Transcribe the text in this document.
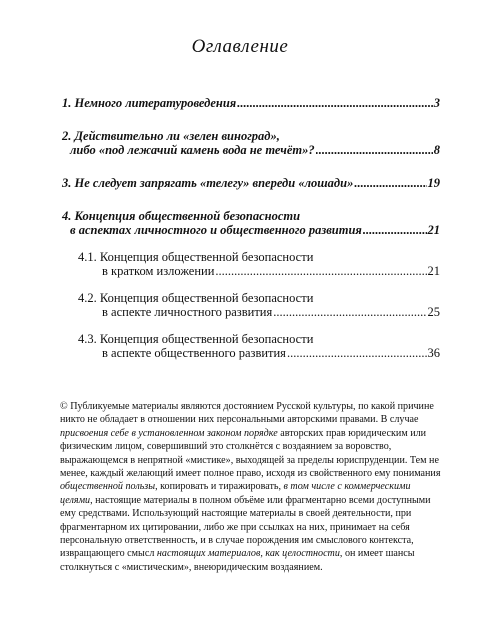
Оглавление
1. Немного литературоведения .....	3
2. Действительно ли «зелен виноград»,
либо «под лежачий камень вода не течёт»? .....	8
3. Не следует запрягать «телегу» впереди «лошади» .....	19
4. Концепция общественной безопасности
в аспектах личностного и общественного развития .....	21
4.1. Концепция общественной безопасности
в кратком изложении .....	21
4.2. Концепция общественной безопасности
в аспекте личностного развития .....	25
4.3. Концепция общественной безопасности
в аспекте общественного развития .....	36
© Публикуемые материалы являются достоянием Русской культуры, по какой причине никто не обладает в отношении них персональными авторскими правами. В случае присвоения себе в установленном законом порядке авторских прав юридическим или физическим лицом, совершивший это столкнётся с воздаянием за воровство, выражающемся в непрятной «мистике», выходящей за пределы юриспруденции. Тем не менее, каждый желающий имеет полное право, исходя из свойственного ему понимания общественной пользы, копировать и тиражировать, в том числе с коммерческими целями, настоящие материалы в полном объёме или фрагментарно всеми доступными ему средствами. Использующий настоящие материалы в своей деятельности, при фрагментарном их цитировании, либо же при ссылках на них, принимает на себя персональную ответственность, и в случае порождения им смыслового контекста, извращающего смысл настоящих материалов, как целостности, он имеет шансы столкнуться с «мистическим», внеюридическим воздаянием.
